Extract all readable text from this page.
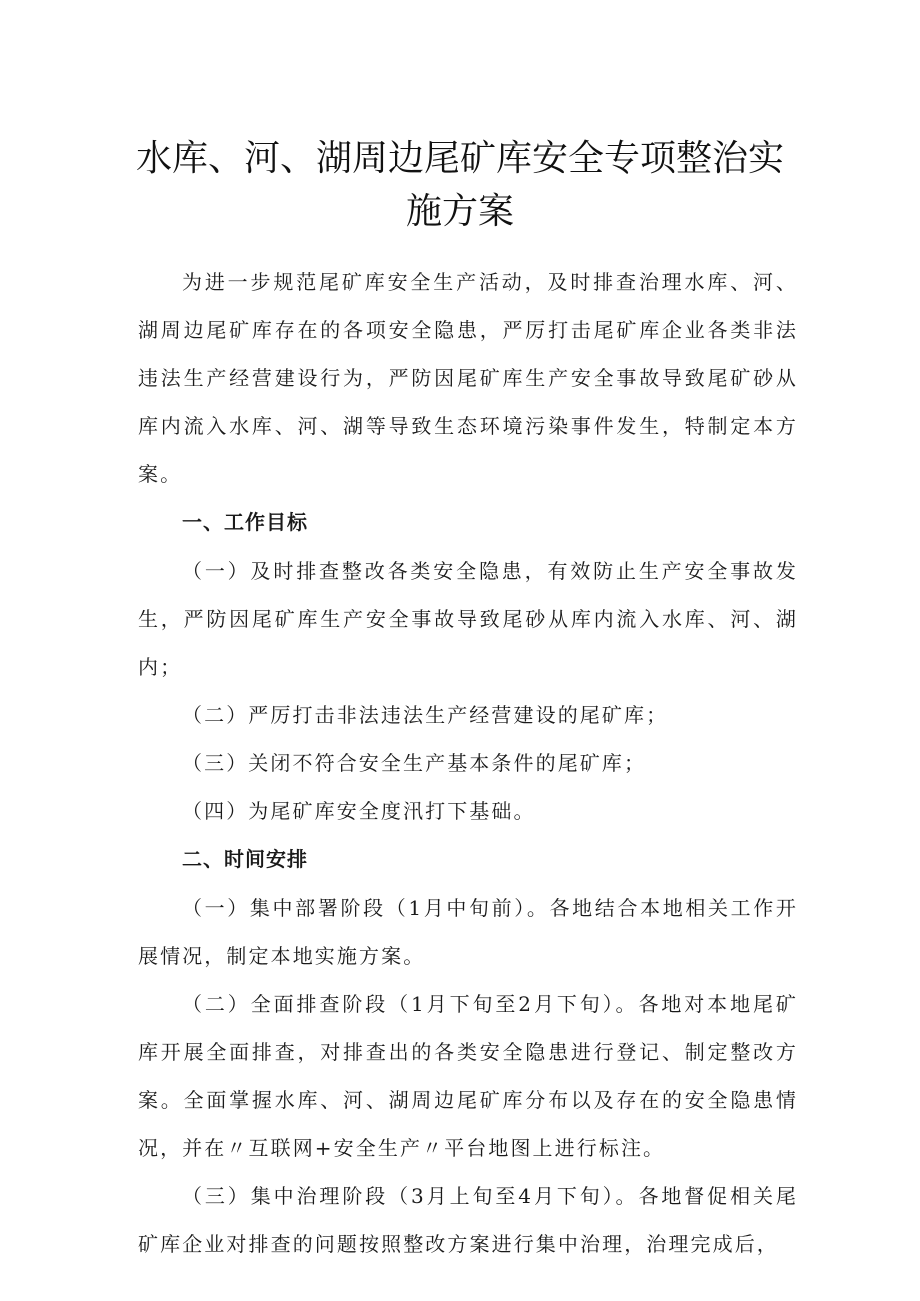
水库、河、湖周边尾矿库安全专项整治实施方案

为进一步规范尾矿库安全生产活动，及时排查治理水库、河、湖周边尾矿库存在的各项安全隐患，严厉打击尾矿库企业各类非法违法生产经营建设行为，严防因尾矿库生产安全事故导致尾矿砂从库内流入水库、河、湖等导致生态环境污染事件发生，特制定本方案。

一、工作目标

（一）及时排查整改各类安全隐患，有效防止生产安全事故发生，严防因尾矿库生产安全事故导致尾砂从库内流入水库、河、湖内；

（二）严厉打击非法违法生产经营建设的尾矿库；

（三）关闭不符合安全生产基本条件的尾矿库；

（四）为尾矿库安全度汛打下基础。

二、时间安排

（一）集中部署阶段（1月中旬前）。各地结合本地相关工作开展情况，制定本地实施方案。

（二）全面排查阶段（1月下旬至2月下旬）。各地对本地尾矿库开展全面排查，对排查出的各类安全隐患进行登记、制定整改方案。全面掌握水库、河、湖周边尾矿库分布以及存在的安全隐患情况，并在〃互联网+安全生产〃平台地图上进行标注。

（三）集中治理阶段（3月上旬至4月下旬）。各地督促相关尾矿库企业对排查的问题按照整改方案进行集中治理，治理完成后，
